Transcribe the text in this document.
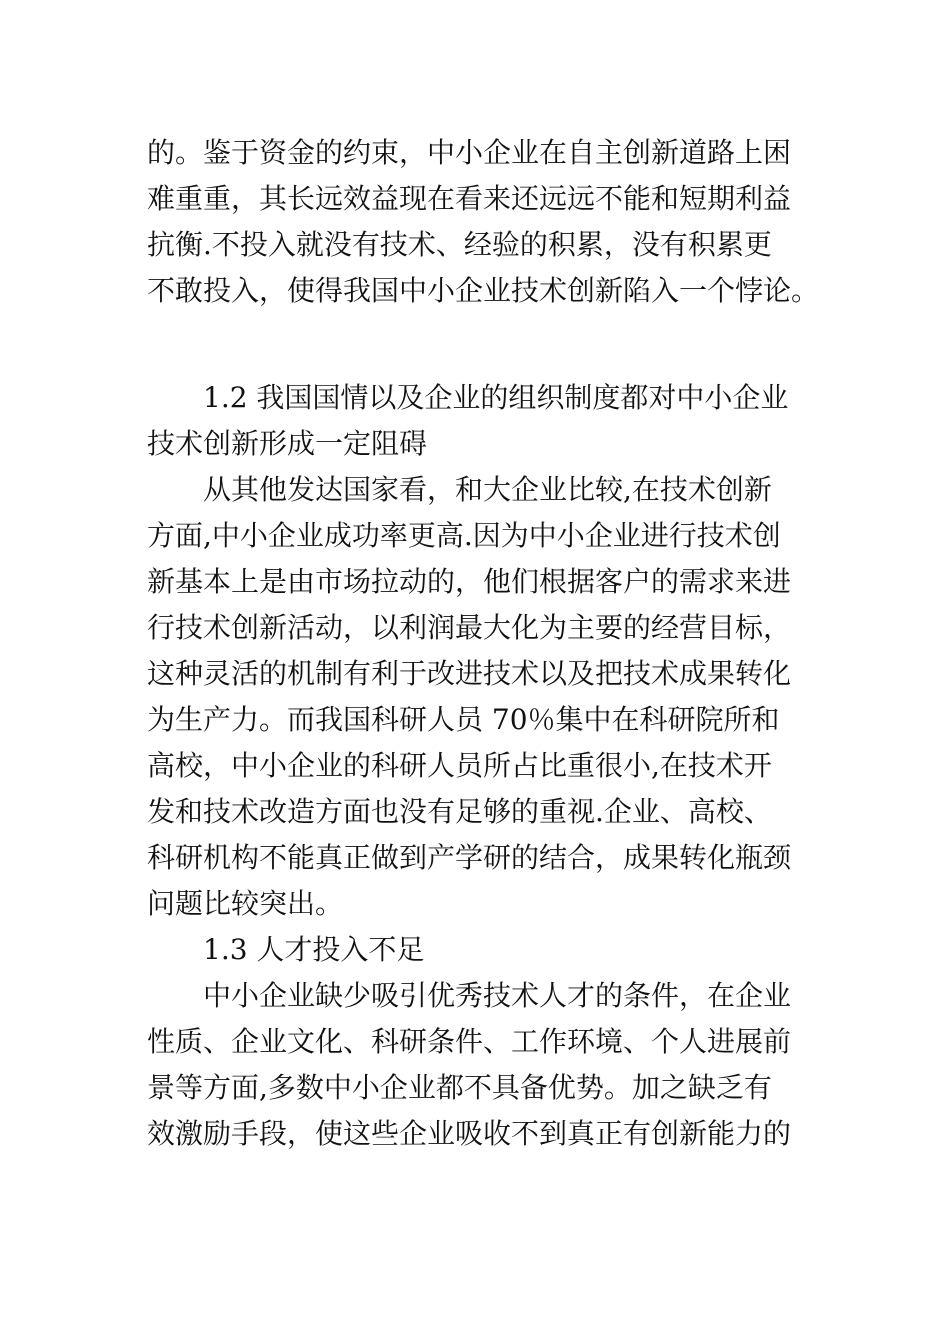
的。鉴于资金的约束，中小企业在自主创新道路上困
难重重，其长远效益现在看来还远远不能和短期利益
抗衡.不投入就没有技术、经验的积累，没有积累更
不敢投入，使得我国中小企业技术创新陷入一个悖论。
1.2 我国国情以及企业的组织制度都对中小企业
技术创新形成一定阻碍
从其他发达国家看，和大企业比较,在技术创新
方面,中小企业成功率更高.因为中小企业进行技术创
新基本上是由市场拉动的，他们根据客户的需求来进
行技术创新活动，以利润最大化为主要的经营目标，
这种灵活的机制有利于改进技术以及把技术成果转化
为生产力。而我国科研人员 70％集中在科研院所和
高校，中小企业的科研人员所占比重很小,在技术开
发和技术改造方面也没有足够的重视.企业、高校、
科研机构不能真正做到产学研的结合，成果转化瓶颈
问题比较突出。
1.3 人才投入不足
中小企业缺少吸引优秀技术人才的条件，在企业
性质、企业文化、科研条件、工作环境、个人进展前
景等方面,多数中小企业都不具备优势。加之缺乏有
效激励手段，使这些企业吸收不到真正有创新能力的
